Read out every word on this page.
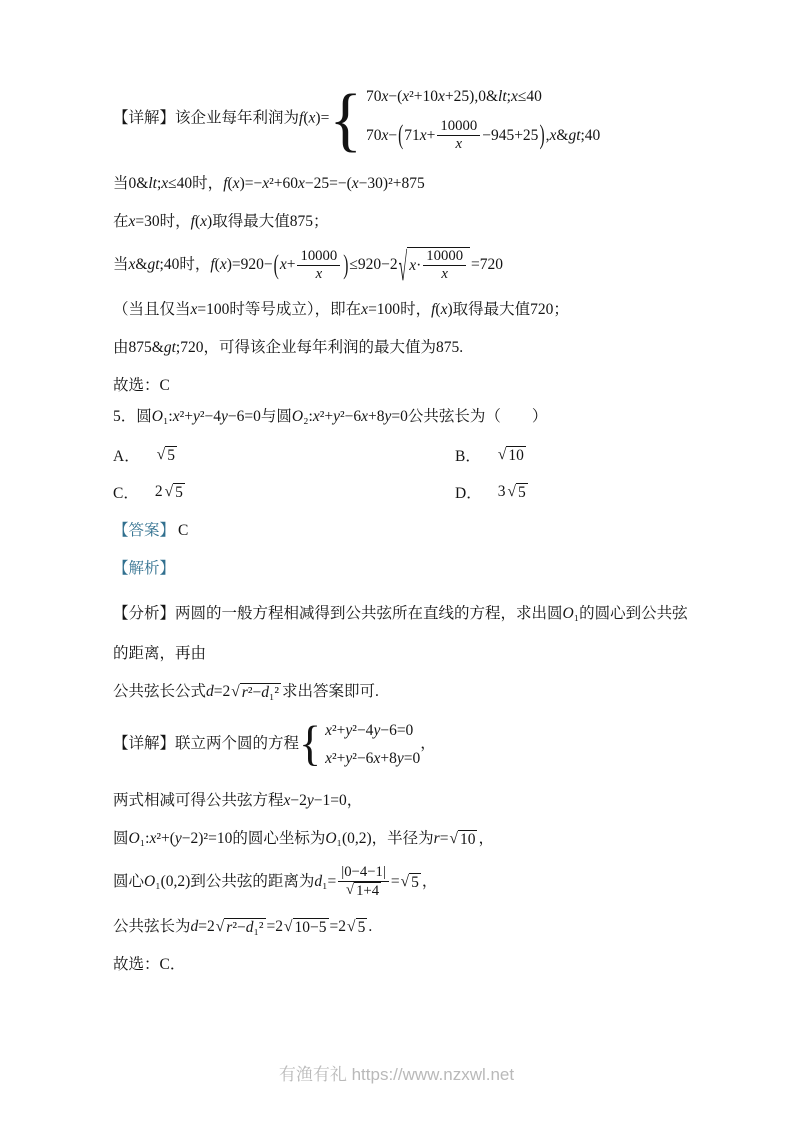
【详解】该企业每年利润为f(x)= { 70 x −( x ²+10 x +25),0& l t ; x ≤40
70x− ( $71x+ \frac{10000}{x} -945+25$ ) ,x&gt;40

当0&lt;x≤40时，f(x)=−x²+60x−25=−(x−30)²+875

在x=30时，f(x)取得最大值875；

当x&gt;40时，$f(x)=920-(x+ \frac{10000}{x} )\le 920-2$ √ $x\cdot \frac{10000}{x} =720$

（当且仅当x=100时等号成立），即在x=100时，f(x)取得最大值720；

由875&gt;720，可得该企业每年利润的最大值为875.

故选：C

5．圆O₁:x²+y²−4y−6=0与圆O₂:x²+y²−6x+8y=0公共弦长为（　　）

A． √ 5	B． √ 10
C． 2 √ 5	D． 3 √ 5

【答案】 C

【解析】

【分析】两圆的一般方程相减得到公共弦所在直线的方程，求出圆O₁的圆心到公共弦的距离，再由

公共弦长公式d=2 √ r ²− d ₁² 求出答案即可.

【详解】联立两个圆的方程 { x ²+ y ²−4 y −6=0
x ²+ y ²−6 x +8 y =0
，

两式相减可得公共弦方程x−2y−1=0，

圆O₁:x²+(y−2)²=10的圆心坐标为O₁(0,2)，半径为r= √ 10 ，

圆心O₁(0,2)到公共弦的距离为$d_1= \frac{|0-4-1|}{√ 1+4}$ = √ 5 ，

公共弦长为d=2 √ r ²− d ₁² =2 √ 10−5 =2 √ 5 .

故选：C．

有渔有礼 https://www.nzxwl.net
